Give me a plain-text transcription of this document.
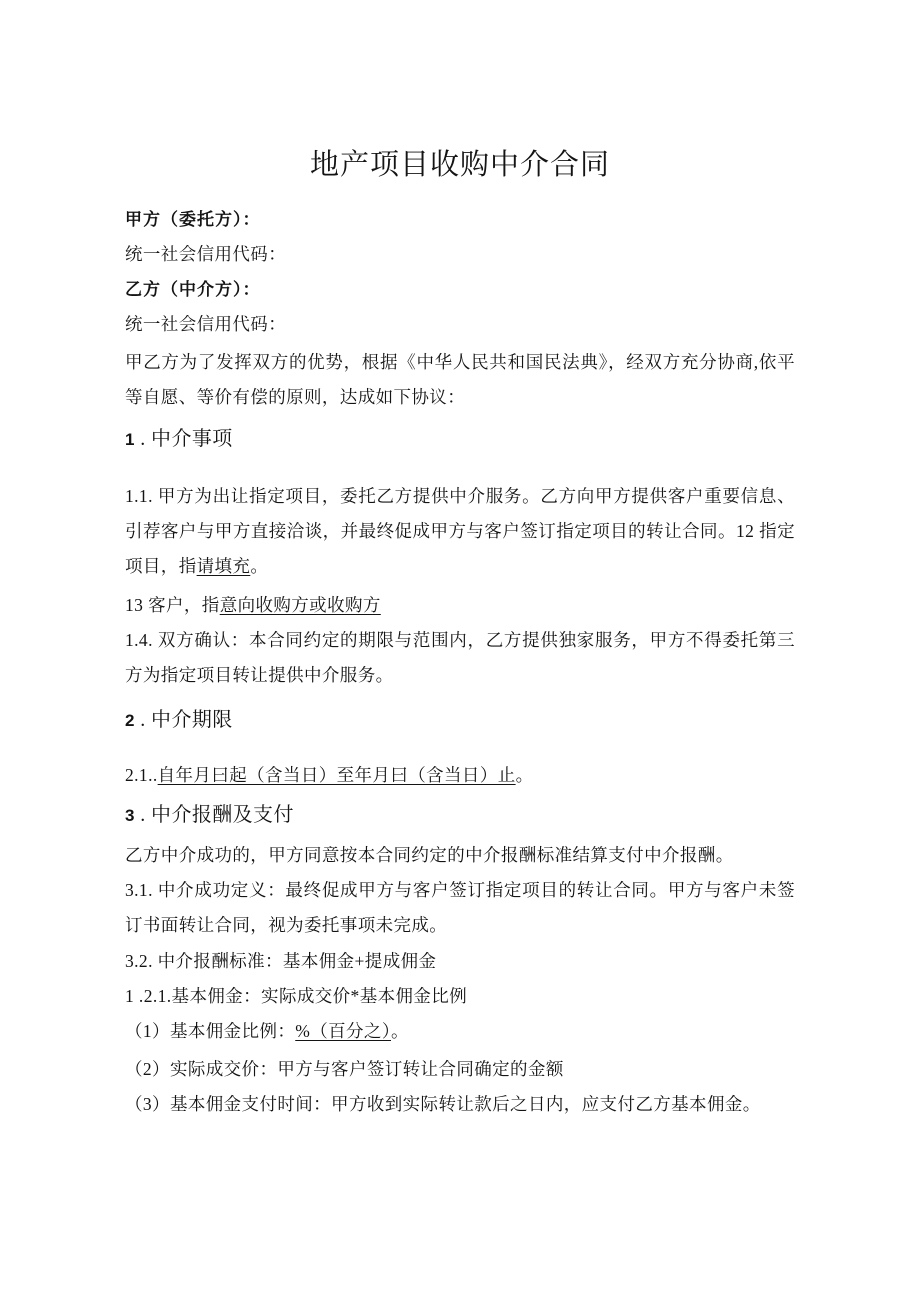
地产项目收购中介合同

甲方（委托方）：

统一社会信用代码：

乙方（中介方）：

统一社会信用代码：

甲乙方为了发挥双方的优势，根据《中华人民共和国民法典》，经双方充分协商,依平等自愿、等价有偿的原则，达成如下协议：

1 . 中介事项

1.1. 甲方为出让指定项目，委托乙方提供中介服务。乙方向甲方提供客户重要信息、引荐客户与甲方直接洽谈，并最终促成甲方与客户签订指定项目的转让合同。12 指定项目，指请填充。

13 客户，指意向收购方或收购方

1.4. 双方确认：本合同约定的期限与范围内，乙方提供独家服务，甲方不得委托第三方为指定项目转让提供中介服务。

2 . 中介期限

2.1..自年月曰起（含当日）至年月曰（含当日）止。

3 . 中介报酬及支付

乙方中介成功的，甲方同意按本合同约定的中介报酬标准结算支付中介报酬。

3.1. 中介成功定义：最终促成甲方与客户签订指定项目的转让合同。甲方与客户未签订书面转让合同，视为委托事项未完成。

3.2. 中介报酬标准：基本佣金+提成佣金

1 .2.1.基本佣金：实际成交价*基本佣金比例

（1）基本佣金比例：%（百分之）。

（2）实际成交价：甲方与客户签订转让合同确定的金额

（3）基本佣金支付时间：甲方收到实际转让款后之日内，应支付乙方基本佣金。
